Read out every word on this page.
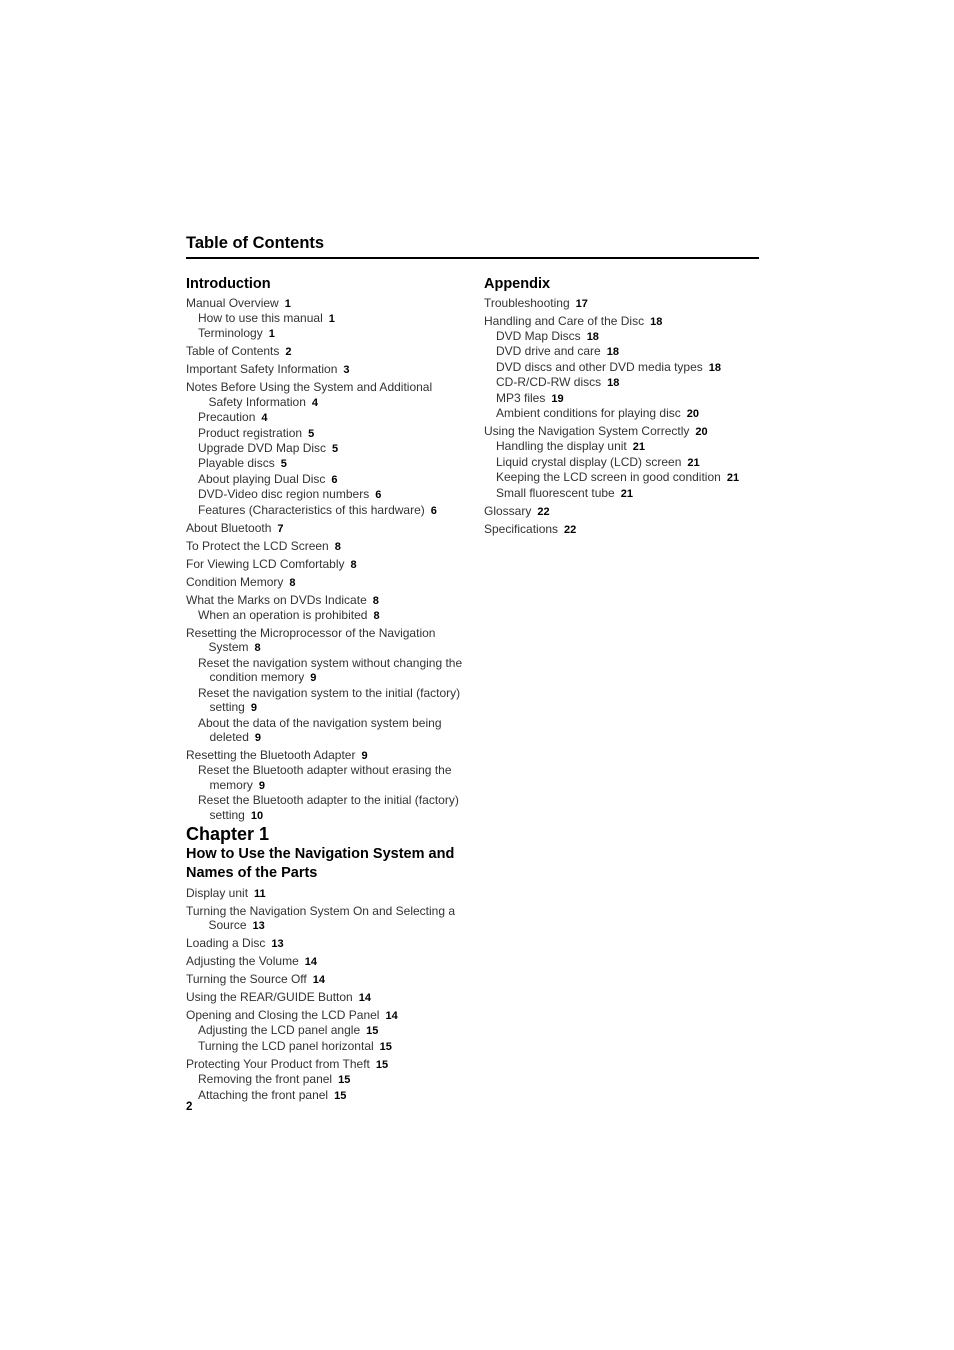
Table of Contents
Introduction
Manual Overview 1
How to use this manual 1
Terminology 1
Table of Contents 2
Important Safety Information 3
Notes Before Using the System and Additional Safety Information 4
Precaution 4
Product registration 5
Upgrade DVD Map Disc 5
Playable discs 5
About playing Dual Disc 6
DVD-Video disc region numbers 6
Features (Characteristics of this hardware) 6
About Bluetooth 7
To Protect the LCD Screen 8
For Viewing LCD Comfortably 8
Condition Memory 8
What the Marks on DVDs Indicate 8
When an operation is prohibited 8
Resetting the Microprocessor of the Navigation System 8
Reset the navigation system without changing the condition memory 9
Reset the navigation system to the initial (factory) setting 9
About the data of the navigation system being deleted 9
Resetting the Bluetooth Adapter 9
Reset the Bluetooth adapter without erasing the memory 9
Reset the Bluetooth adapter to the initial (factory) setting 10
Chapter 1
How to Use the Navigation System and Names of the Parts
Display unit 11
Turning the Navigation System On and Selecting a Source 13
Loading a Disc 13
Adjusting the Volume 14
Turning the Source Off 14
Using the REAR/GUIDE Button 14
Opening and Closing the LCD Panel 14
Adjusting the LCD panel angle 15
Turning the LCD panel horizontal 15
Protecting Your Product from Theft 15
Removing the front panel 15
Attaching the front panel 15
Appendix
Troubleshooting 17
Handling and Care of the Disc 18
DVD Map Discs 18
DVD drive and care 18
DVD discs and other DVD media types 18
CD-R/CD-RW discs 18
MP3 files 19
Ambient conditions for playing disc 20
Using the Navigation System Correctly 20
Handling the display unit 21
Liquid crystal display (LCD) screen 21
Keeping the LCD screen in good condition 21
Small fluorescent tube 21
Glossary 22
Specifications 22
2
